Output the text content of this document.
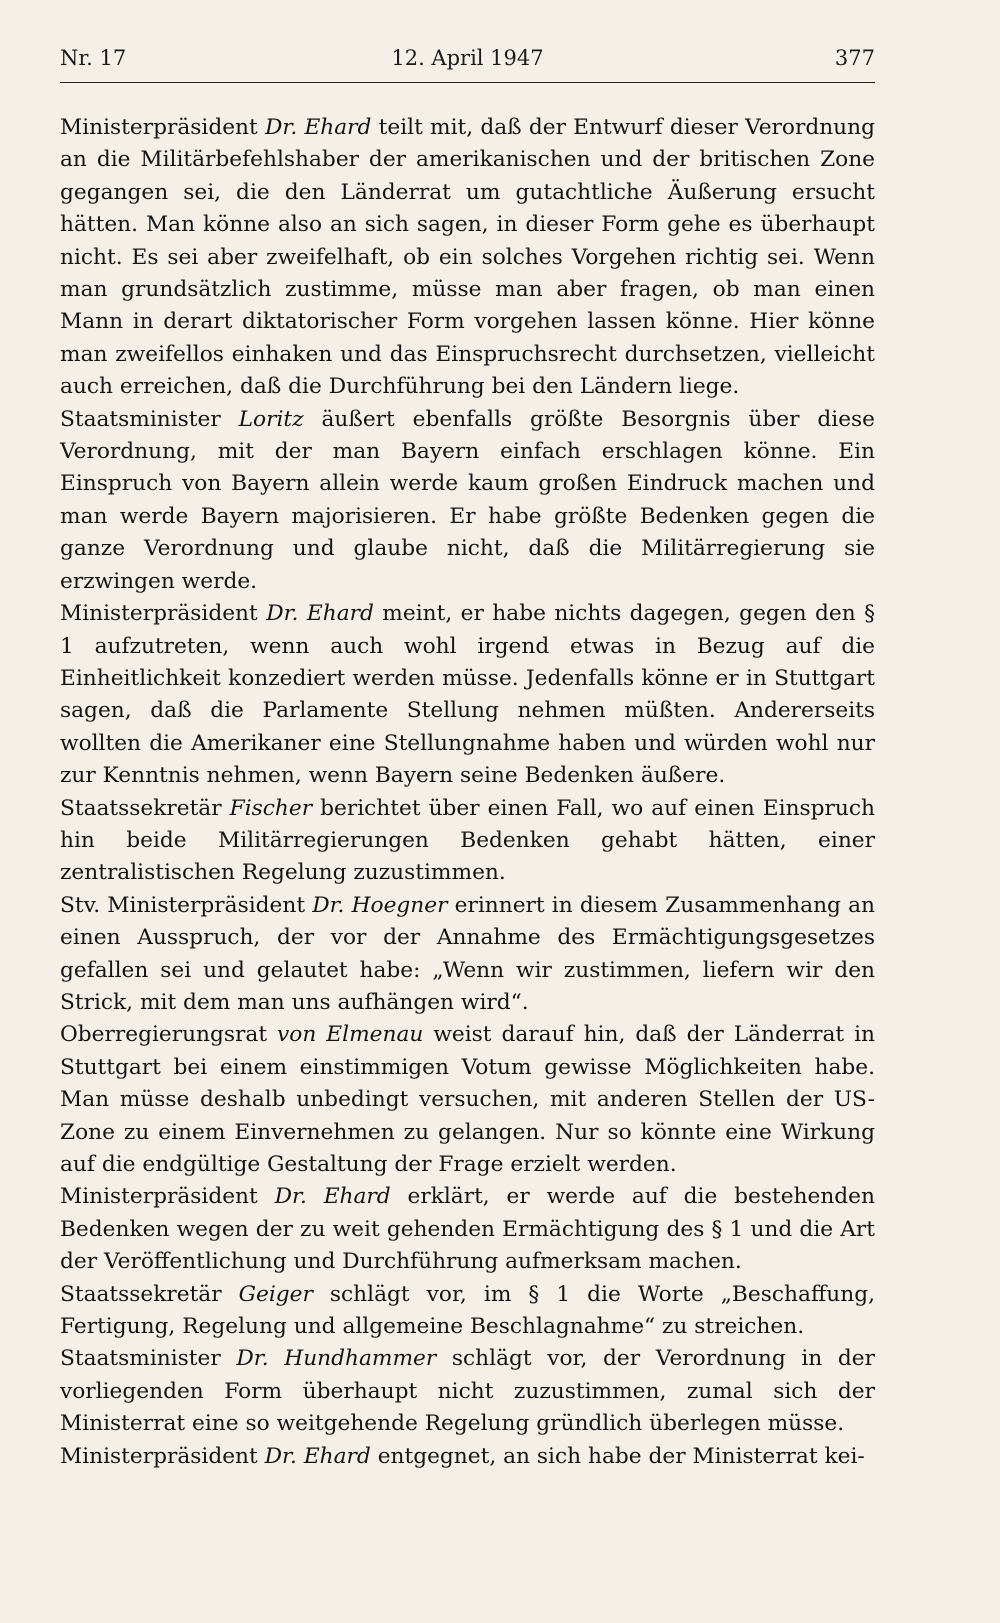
Nr. 17	12. April 1947	377

Ministerpräsident Dr. Ehard teilt mit, daß der Entwurf dieser Verordnung an die Militärbefehlshaber der amerikanischen und der britischen Zone gegangen sei, die den Länderrat um gutachtliche Äußerung ersucht hätten. Man könne also an sich sagen, in dieser Form gehe es überhaupt nicht. Es sei aber zweifelhaft, ob ein solches Vorgehen richtig sei. Wenn man grundsätzlich zustimme, müsse man aber fragen, ob man einen Mann in derart diktatorischer Form vorgehen lassen könne. Hier könne man zweifellos einhaken und das Einspruchsrecht durchsetzen, vielleicht auch erreichen, daß die Durchführung bei den Ländern liege.

Staatsminister Loritz äußert ebenfalls größte Besorgnis über diese Verordnung, mit der man Bayern einfach erschlagen könne. Ein Einspruch von Bayern allein werde kaum großen Eindruck machen und man werde Bayern majorisieren. Er habe größte Bedenken gegen die ganze Verordnung und glaube nicht, daß die Militärregierung sie erzwingen werde.

Ministerpräsident Dr. Ehard meint, er habe nichts dagegen, gegen den § 1 aufzutreten, wenn auch wohl irgend etwas in Bezug auf die Einheitlichkeit konzediert werden müsse. Jedenfalls könne er in Stuttgart sagen, daß die Parlamente Stellung nehmen müßten. Andererseits wollten die Amerikaner eine Stellungnahme haben und würden wohl nur zur Kenntnis nehmen, wenn Bayern seine Bedenken äußere.

Staatssekretär Fischer berichtet über einen Fall, wo auf einen Einspruch hin beide Militärregierungen Bedenken gehabt hätten, einer zentralistischen Regelung zuzustimmen.

Stv. Ministerpräsident Dr. Hoegner erinnert in diesem Zusammenhang an einen Ausspruch, der vor der Annahme des Ermächtigungsgesetzes gefallen sei und gelautet habe: „Wenn wir zustimmen, liefern wir den Strick, mit dem man uns aufhängen wird“.

Oberregierungsrat von Elmenau weist darauf hin, daß der Länderrat in Stuttgart bei einem einstimmigen Votum gewisse Möglichkeiten habe. Man müsse deshalb unbedingt versuchen, mit anderen Stellen der US-Zone zu einem Einvernehmen zu gelangen. Nur so könnte eine Wirkung auf die endgültige Gestaltung der Frage erzielt werden.

Ministerpräsident Dr. Ehard erklärt, er werde auf die bestehenden Bedenken wegen der zu weit gehenden Ermächtigung des § 1 und die Art der Veröffentlichung und Durchführung aufmerksam machen.

Staatssekretär Geiger schlägt vor, im § 1 die Worte „Beschaffung, Fertigung, Regelung und allgemeine Beschlagnahme“ zu streichen.

Staatsminister Dr. Hundhammer schlägt vor, der Verordnung in der vorliegenden Form überhaupt nicht zuzustimmen, zumal sich der Ministerrat eine so weitgehende Regelung gründlich überlegen müsse.

Ministerpräsident Dr. Ehard entgegnet, an sich habe der Ministerrat kei-
